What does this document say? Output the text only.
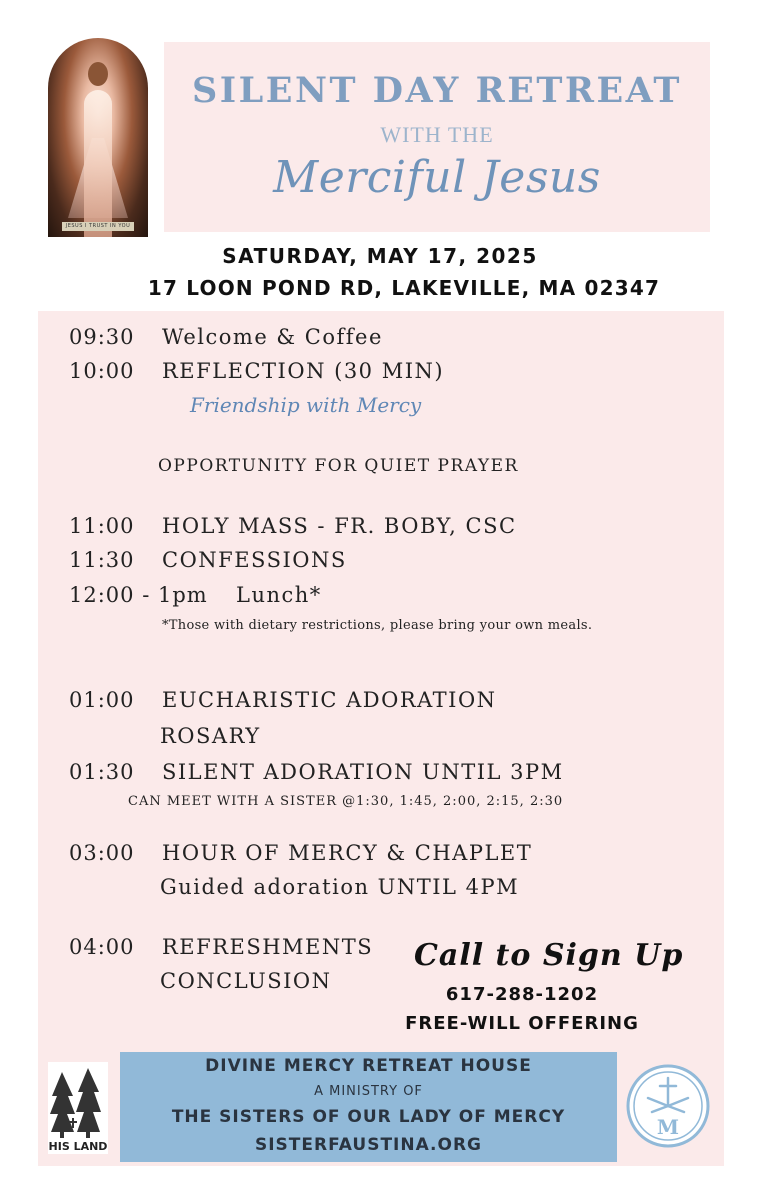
JESUS I TRUST IN YOU
SILENT DAY RETREAT
WITH THE
Merciful Jesus
SATURDAY, MAY 17, 2025
17 LOON POND RD, LAKEVILLE, MA 02347
09:30 Welcome & Coffee
10:00 REFLECTION (30 MIN)
Friendship with Mercy
OPPORTUNITY FOR QUIET PRAYER
11:00 HOLY MASS - FR. BOBY, CSC
11:30 CONFESSIONS
12:00 - 1pm Lunch*
*Those with dietary restrictions, please bring your own meals.
01:00 EUCHARISTIC ADORATION
ROSARY
01:30 SILENT ADORATION UNTIL 3PM
CAN MEET WITH A SISTER @1:30, 1:45, 2:00, 2:15, 2:30
03:00 HOUR OF MERCY & CHAPLET
Guided adoration UNTIL 4PM
04:00 REFRESHMENTS
CONCLUSION
Call to Sign Up
617-288-1202
FREE-WILL OFFERING
HIS LAND
DIVINE MERCY RETREAT HOUSE
A MINISTRY OF
THE SISTERS OF OUR LADY OF MERCY
SISTERFAUSTINA.ORG
M
